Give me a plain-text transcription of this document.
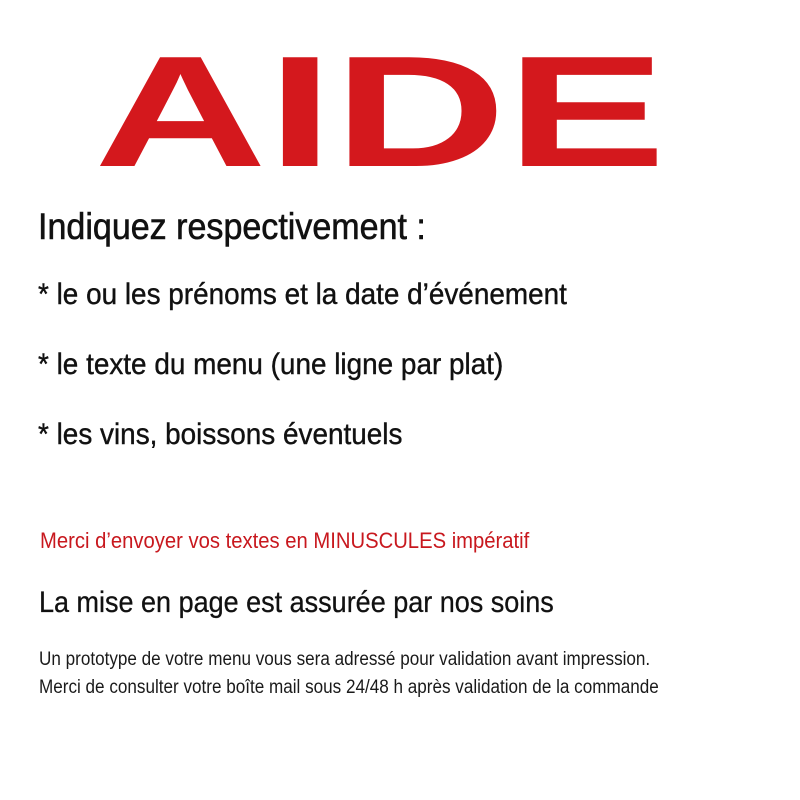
AIDE
Indiquez respectivement :
* le ou les prénoms et la date d’événement
* le texte du menu (une ligne par plat)
* les vins, boissons éventuels
Merci d’envoyer vos textes en MINUSCULES impératif
La mise en page est assurée par nos soins
Un prototype de votre menu vous sera adressé pour validation avant impression.
Merci de consulter votre boîte mail sous 24/48 h après validation de la commande
